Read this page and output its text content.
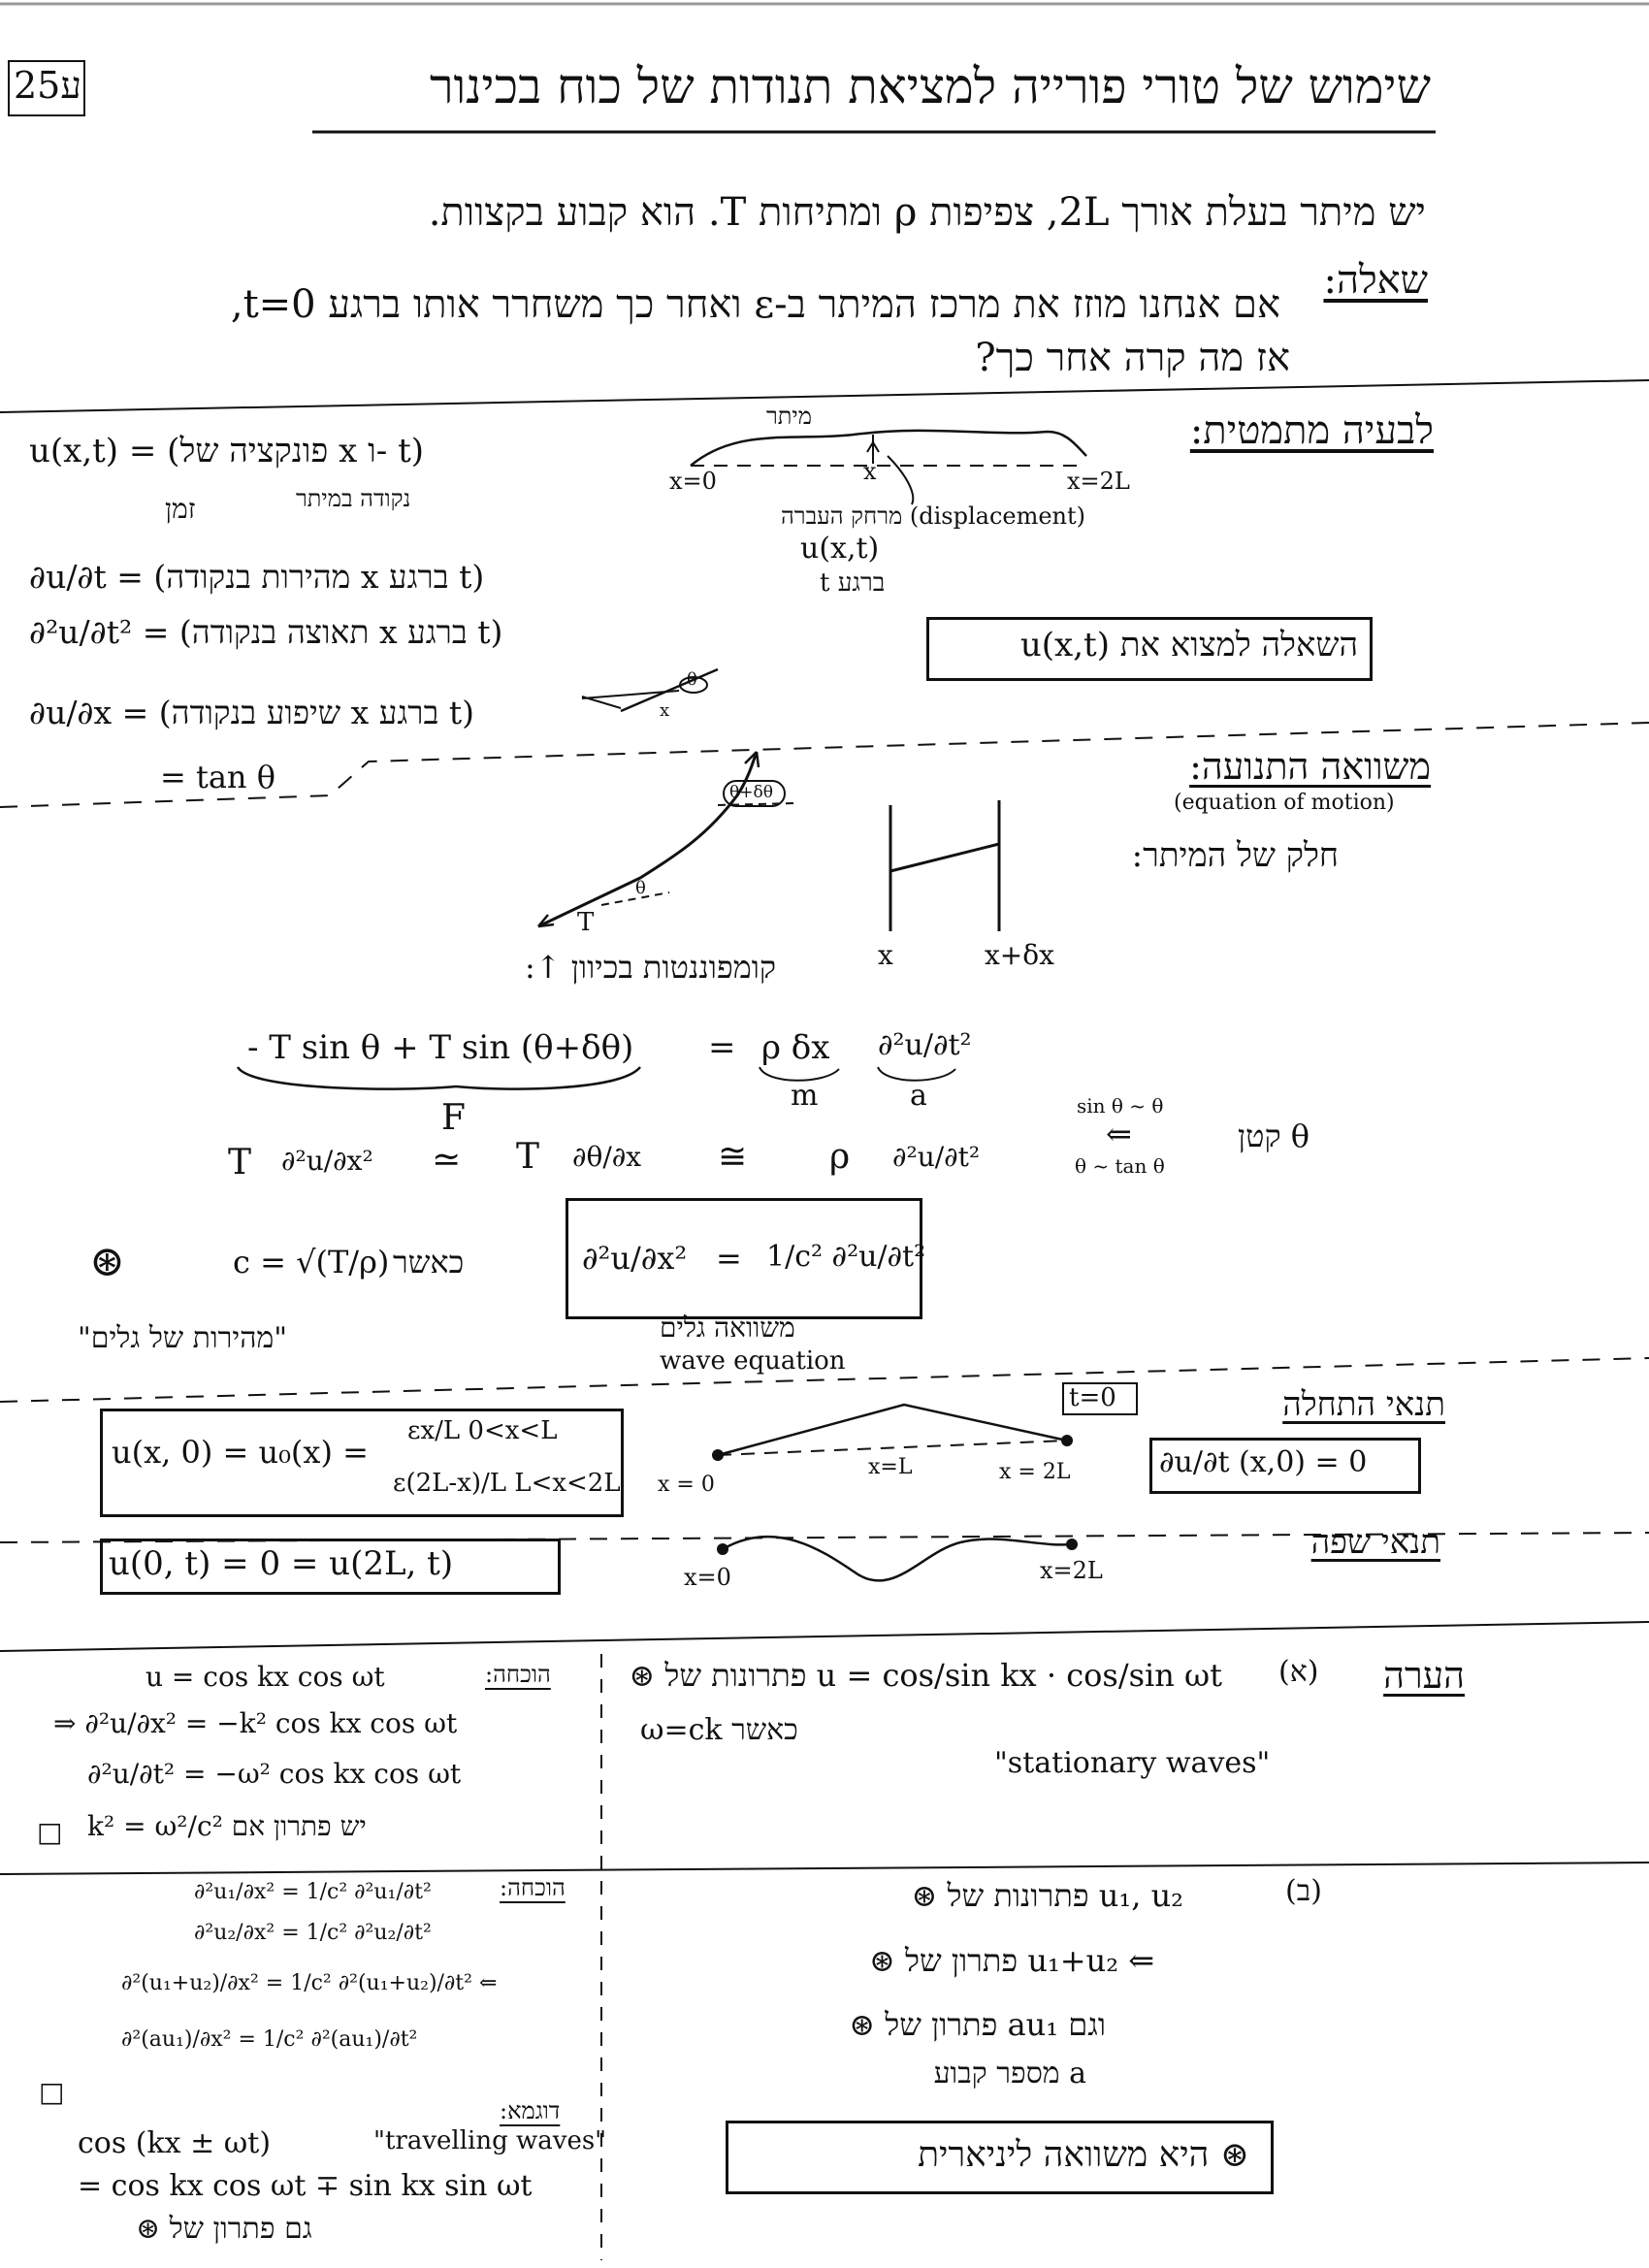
ע25	שימוש של טורי פורייה למציאת תנודות של כוח בכינור
יש מיתר בעלת אורך 2L, צפיפות ρ ומתיחות T. הוא קבוע בקצוות.
שאלה:
אם אנחנו מוזז את מרכז המיתר ב-ε ואחר כך משחרר אותו ברגע t=0,
אז מה קרה אחר כך?
לבעיה מתמטית:
u(x,t) = (פונקציה של x ו- t)
נקודה במיתר
זמן
∂u/∂t = (מהירות בנקודה x ברגע t)
∂²u/∂t² = (תאוצה בנקודה x ברגע t)
∂u/∂x = (שיפוע בנקודה x ברגע t)
= tan θ
מיתר
x=0	x	x=2L
מרחק העברה (displacement)
u(x,t)
ברגע t
θ
x
השאלה למצוא את u(x,t)
משוואה התנועה:
(equation of motion)
חלק של המיתר:
θ+δθ
θ
T
x	x+δx
קומפוננטות בכיוון ↑:
- T sin θ + T sin (θ+δθ) = ρ δx ∂²u/∂t²
F
m	a
T ∂²u/∂x² ≃ T ∂θ/∂x ≅ ρ ∂²u/∂t²
sin θ ~ θ
⇐
θ ~ tan θ
θ קטן
⊛	c = √(T/ρ) כאשר
"מהירות של גלים"
∂²u/∂x² = 1/c² ∂²u/∂t²
משוואה גלים
wave equation
תנאי התחלה
t=0
u(x, 0) = u₀(x) =
εx/L 0<x<L
ε(2L-x)/L L<x<2L x = 0
x=L	x = 2L	∂u/∂t (x,0) = 0
תנאי שפה
u(0, t) = 0 = u(2L, t)	x=0	x=2L
הערה
(א)
u = cos/sin kx · cos/sin ωt פתרונות של ⊛
כאשר ω=ck
"stationary waves"
הוכחה:
u = cos kx cos ωt
⇒ ∂²u/∂x² = −k² cos kx cos ωt
∂²u/∂t² = −ω² cos kx cos ωt
k² = ω²/c² יש פתרון אם
□
(ב)
u₁, u₂ פתרונות של ⊛
⇐ u₁+u₂ פתרון של ⊛
וגם au₁ פתרון של ⊛
a מספר קבוע
⊛ היא משוואה ליניארית
הוכחה:
∂²u₁/∂x² = 1/c² ∂²u₁/∂t²
∂²u₂/∂x² = 1/c² ∂²u₂/∂t²
∂²(u₁+u₂)/∂x² = 1/c² ∂²(u₁+u₂)/∂t² ⇐
∂²(au₁)/∂x² = 1/c² ∂²(au₁)/∂t²
□
דוגמא:
cos (kx ± ωt)	"travelling waves"
= cos kx cos ωt ∓ sin kx sin ωt
גם פתרון של ⊛
